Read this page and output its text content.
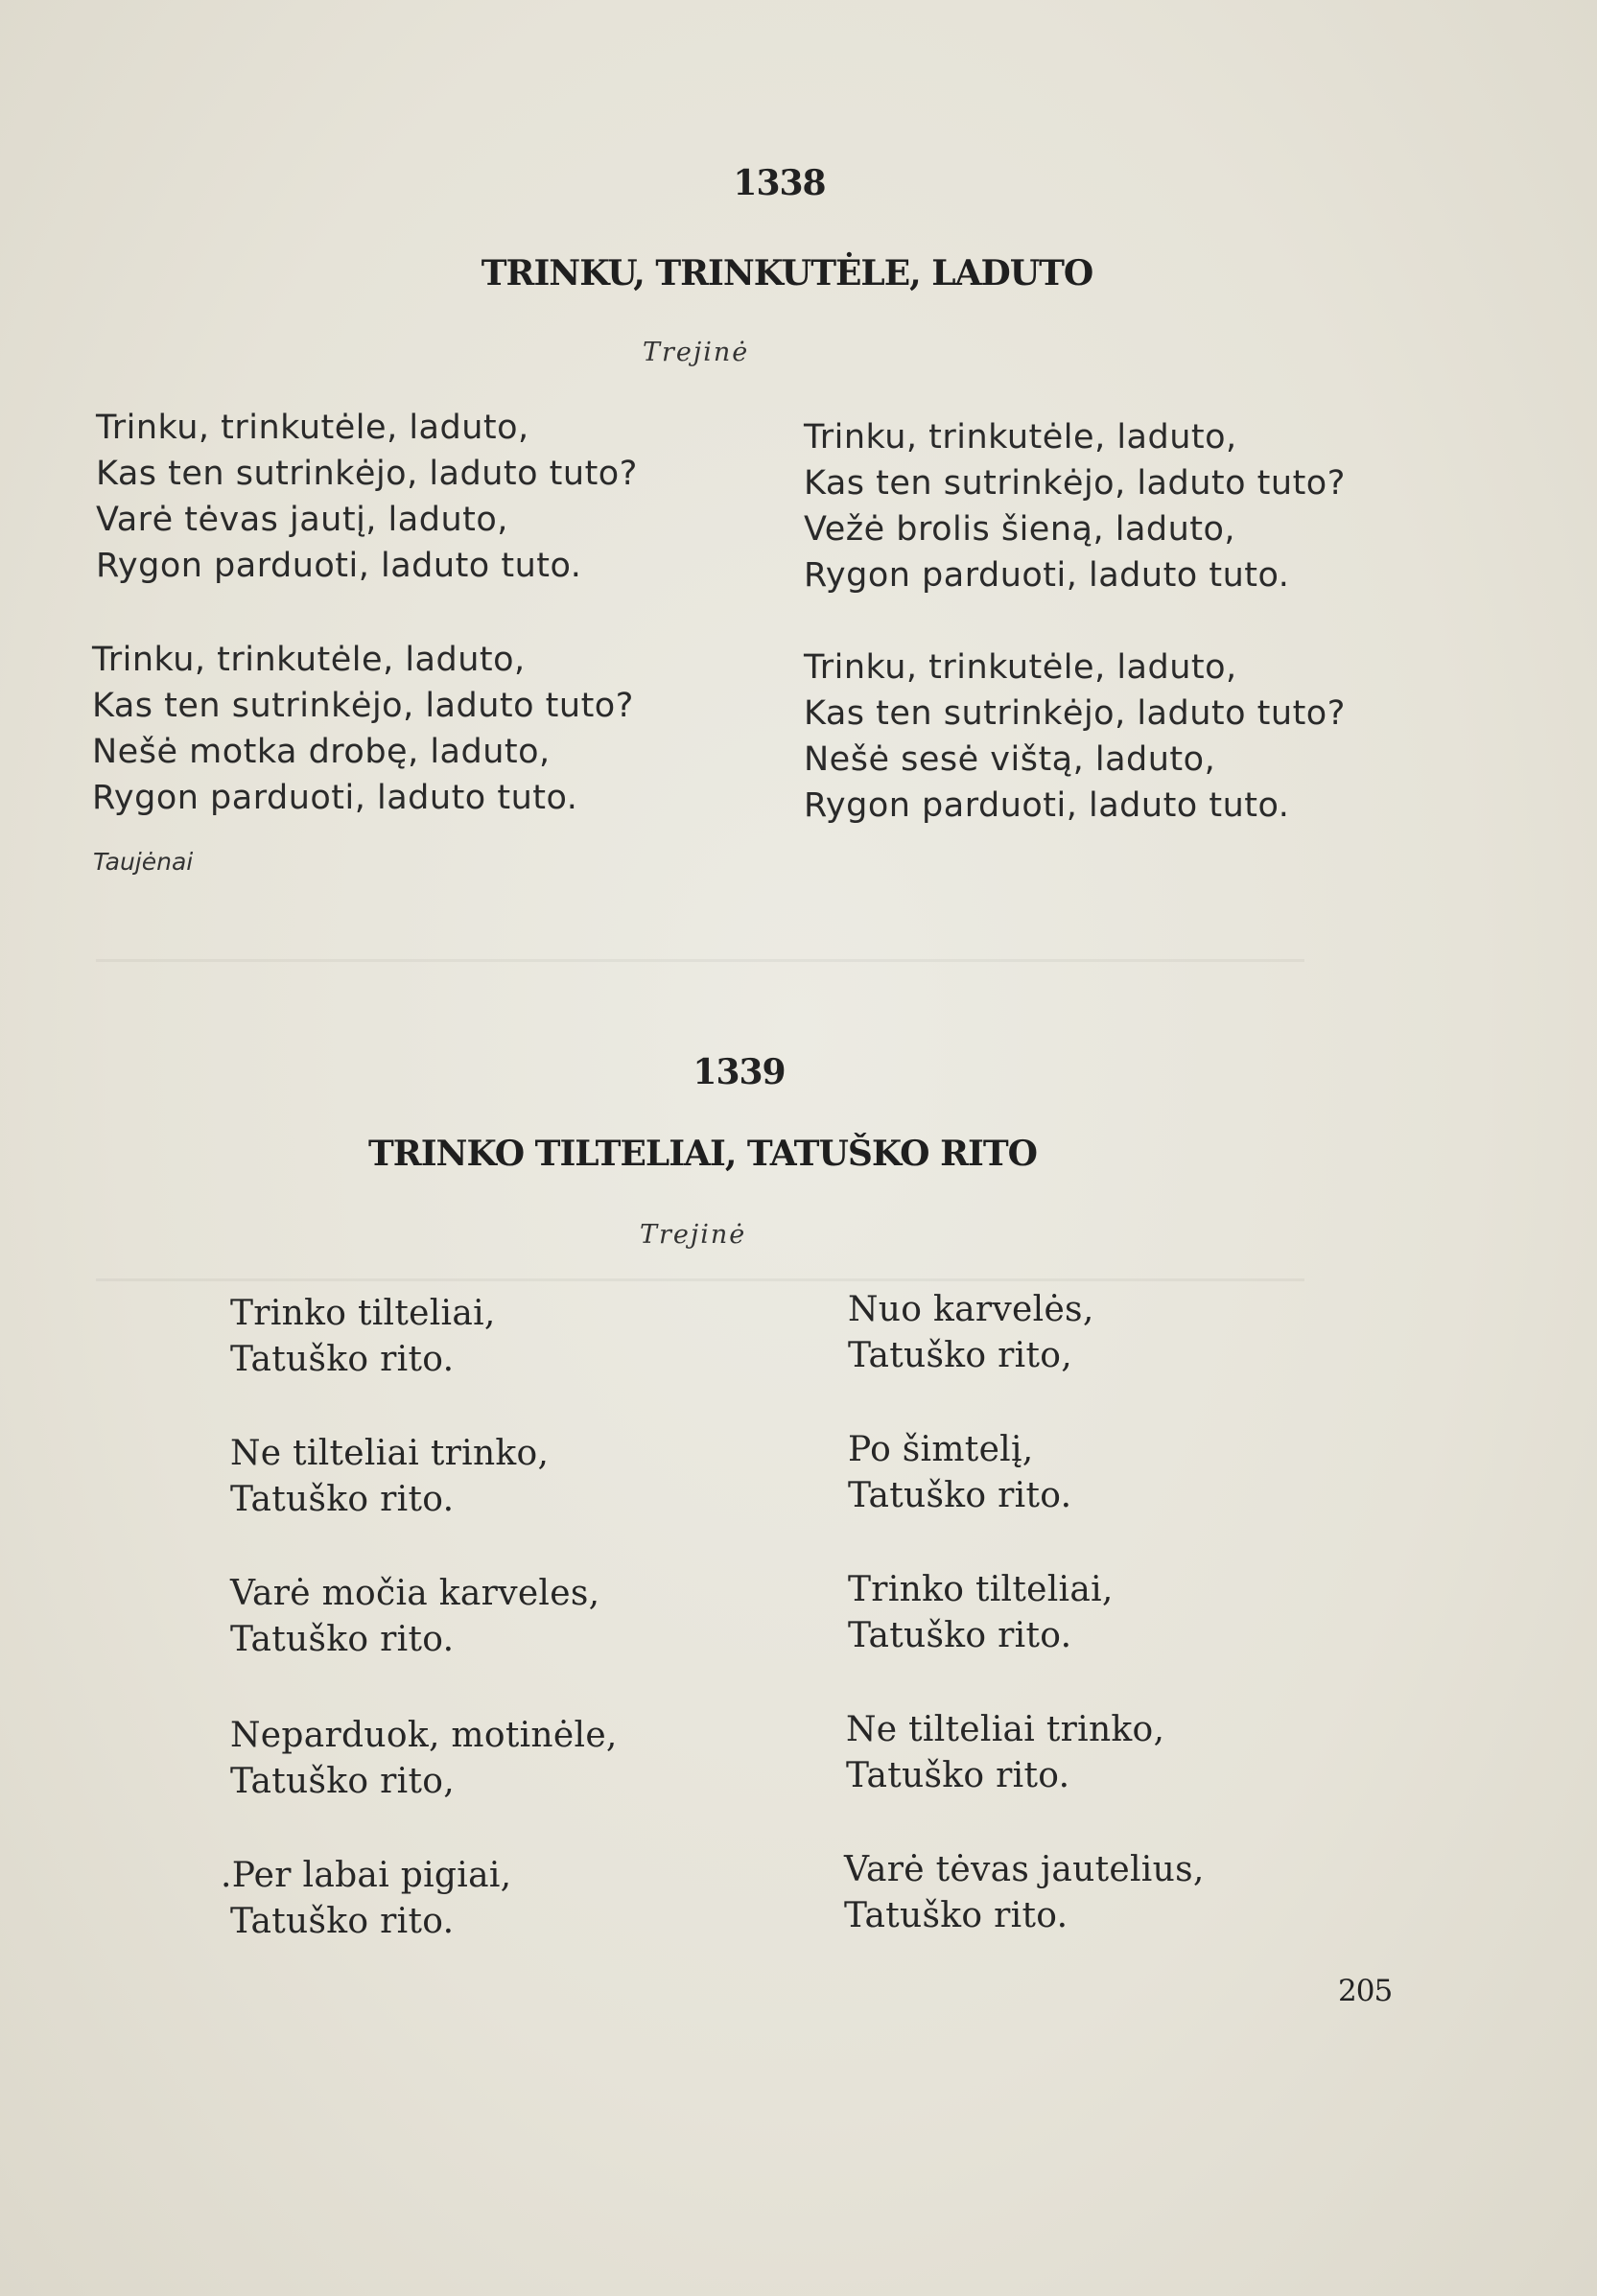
1338
TRINKU, TRINKUTĖLE, LADUTO
Trejinė
Trinku, trinkutėle, laduto,
Kas ten sutrinkėjo, laduto tuto?
Varė tėvas jautį, laduto,
Rygon parduoti, laduto tuto.
Trinku, trinkutėle, laduto,
Kas ten sutrinkėjo, laduto tuto?
Vežė brolis šieną, laduto,
Rygon parduoti, laduto tuto.
Trinku, trinkutėle, laduto,
Kas ten sutrinkėjo, laduto tuto?
Nešė motka drobę, laduto,
Rygon parduoti, laduto tuto.
Trinku, trinkutėle, laduto,
Kas ten sutrinkėjo, laduto tuto?
Nešė sesė vištą, laduto,
Rygon parduoti, laduto tuto.
Taujėnai
1339
TRINKO TILTELIAI, TATUŠKO RITO
Trejinė
Trinko tilteliai,
Tatuško rito.
Nuo karvelės,
Tatuško rito,
Ne tilteliai trinko,
Tatuško rito.
Po šimtelį,
Tatuško rito.
Varė močia karveles,
Tatuško rito.
Trinko tilteliai,
Tatuško rito.
Neparduok, motinėle,
Tatuško rito,
Ne tilteliai trinko,
Tatuško rito.
.Per labai pigiai,
Tatuško rito.
Varė tėvas jautelius,
Tatuško rito.
205
